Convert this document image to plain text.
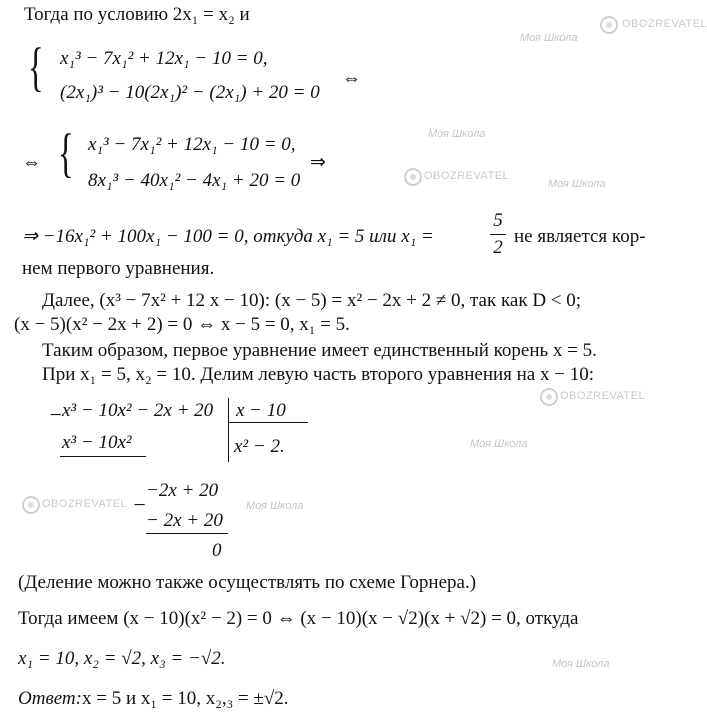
Тогда по условию 2x₁ = x₂ и
{ x₁³ − 7x₁² + 12x₁ − 10 = 0,
(2x₁)³ − 10(2x₁)² − (2x₁) + 20 = 0
⇔
⇔ { x₁³ − 7x₁² + 12x₁ − 10 = 0,
8x₁³ − 40x₁² − 4x₁ + 20 = 0
⇒
⇒ −16x₁² + 100x₁ − 100 = 0, откуда x₁ = 5 или x₁ =
5
2
не является кор-
нем первого уравнения.
Далее, (x³ − 7x² + 12 x − 10): (x − 5) = x² − 2x + 2 ≠ 0, так как D < 0;
(x − 5)(x² − 2x + 2) = 0 ⇔ x − 5 = 0, x₁ = 5.
Таким образом, первое уравнение имеет единственный корень x = 5.
При x₁ = 5, x₂ = 10. Делим левую часть второго уравнения на x − 10:
− x³ − 10x² − 2x + 20 x − 10
x³ − 10x²	x² − 2.
−
−2x + 20
− 2x + 20
0
(Деление можно также осуществлять по схеме Горнера.)
Тогда имеем (x − 10)(x² − 2) = 0 ⇔ (x − 10)(x − √2)(x + √2) = 0, откуда
x₁ = 10, x₂ = √2, x₃ = −√2.
Ответ: x = 5 и x₁ = 10, x₂,₃ = ±√2.
Моя Школа
OBOZREVATEL
Моя Школа
OBOZREVATEL
Моя Школа
OBOZREVATEL
Моя Школа
OBOZREVATEL	Моя Школа
Моя Школа
